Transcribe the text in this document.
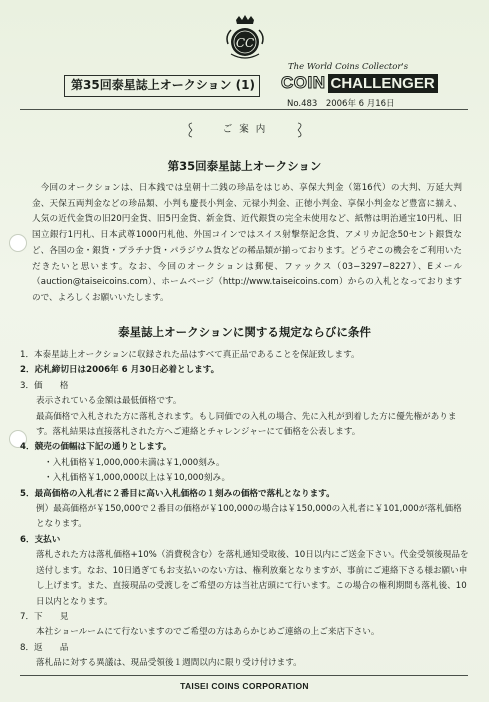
CC
第35回泰星誌上オークション (1)
The World Coins Collector's
COIN CHALLENGER
No.483　2006年 6 月16日
ご 案 内
第35回泰星誌上オークション

今回のオークションは、日本銭では皇朝十二銭の珍品をはじめ、享保大判金（第16代）の大判、万延大判金、天保五両判金などの珍品類、小判も慶長小判金、元禄小判金、正徳小判金、享保小判金など豊富に揃え、人気の近代金貨の旧20円金貨、旧5円金貨、新金貨、近代銀貨の完全未使用など、紙幣は明治通宝10円札、旧国立銀行1円札、日本武尊1000円札他、外国コインではスイス射撃祭記念貨、アメリカ記念50セント銀貨など、各国の金・銀貨・プラチナ貨・パラジウム貨などの稀品類が揃っております。どうぞこの機会をご利用いただきたいと思います。なお、今回のオークションは郵便、ファックス（03−3297−8227）、Eメール（auction@taiseicoins.com）、ホームページ（http://www.taiseicoins.com）からの入札となっておりますので、よろしくお願いいたします。

泰星誌上オークションに関する規定ならびに条件
1．本泰星誌上オークションに収録された品はすべて真正品であることを保証致します。
2．応札締切日は2006年 6 月30日必着とします。
3．価　　格
表示されている金額は最低価格です。
最高価格で入札された方に落札されます。もし同価での入札の場合、先に入札が到着した方に優先権があります。落札結果は直接落札された方へご連絡とチャレンジャーにて価格を公表します。
4．競売の価幅は下記の通りとします。
・入札価格￥1,000,000未満は￥1,000刻み。
・入札価格￥1,000,000以上は￥10,000刻み。
5．最高価格の入札者に２番目に高い入札価格の１刻みの価格で落札となります。
例）最高価格が￥150,000で２番目の価格が￥100,000の場合は￥150,000の入札者に￥101,000が落札価格となります。
6．支払い
落札された方は落札価格+10%（消費税含む）を落札通知受取後、10日以内にご送金下さい。代金受領後現品を送付します。なお、10日過ぎてもお支払いのない方は、権利放棄となりますが、事前にご連絡下さる様お願い申し上げます。また、直接現品の受渡しをご希望の方は当社店頭にて行います。この場合の権利期間も落札後、10日以内となります。
7．下　　見
本社ショールームにて行ないますのでご希望の方はあらかじめご連絡の上ご来店下さい。
8．返　　品
落札品に対する異議は、現品受領後１週間以内に限り受け付けます。
TAISEI COINS CORPORATION
